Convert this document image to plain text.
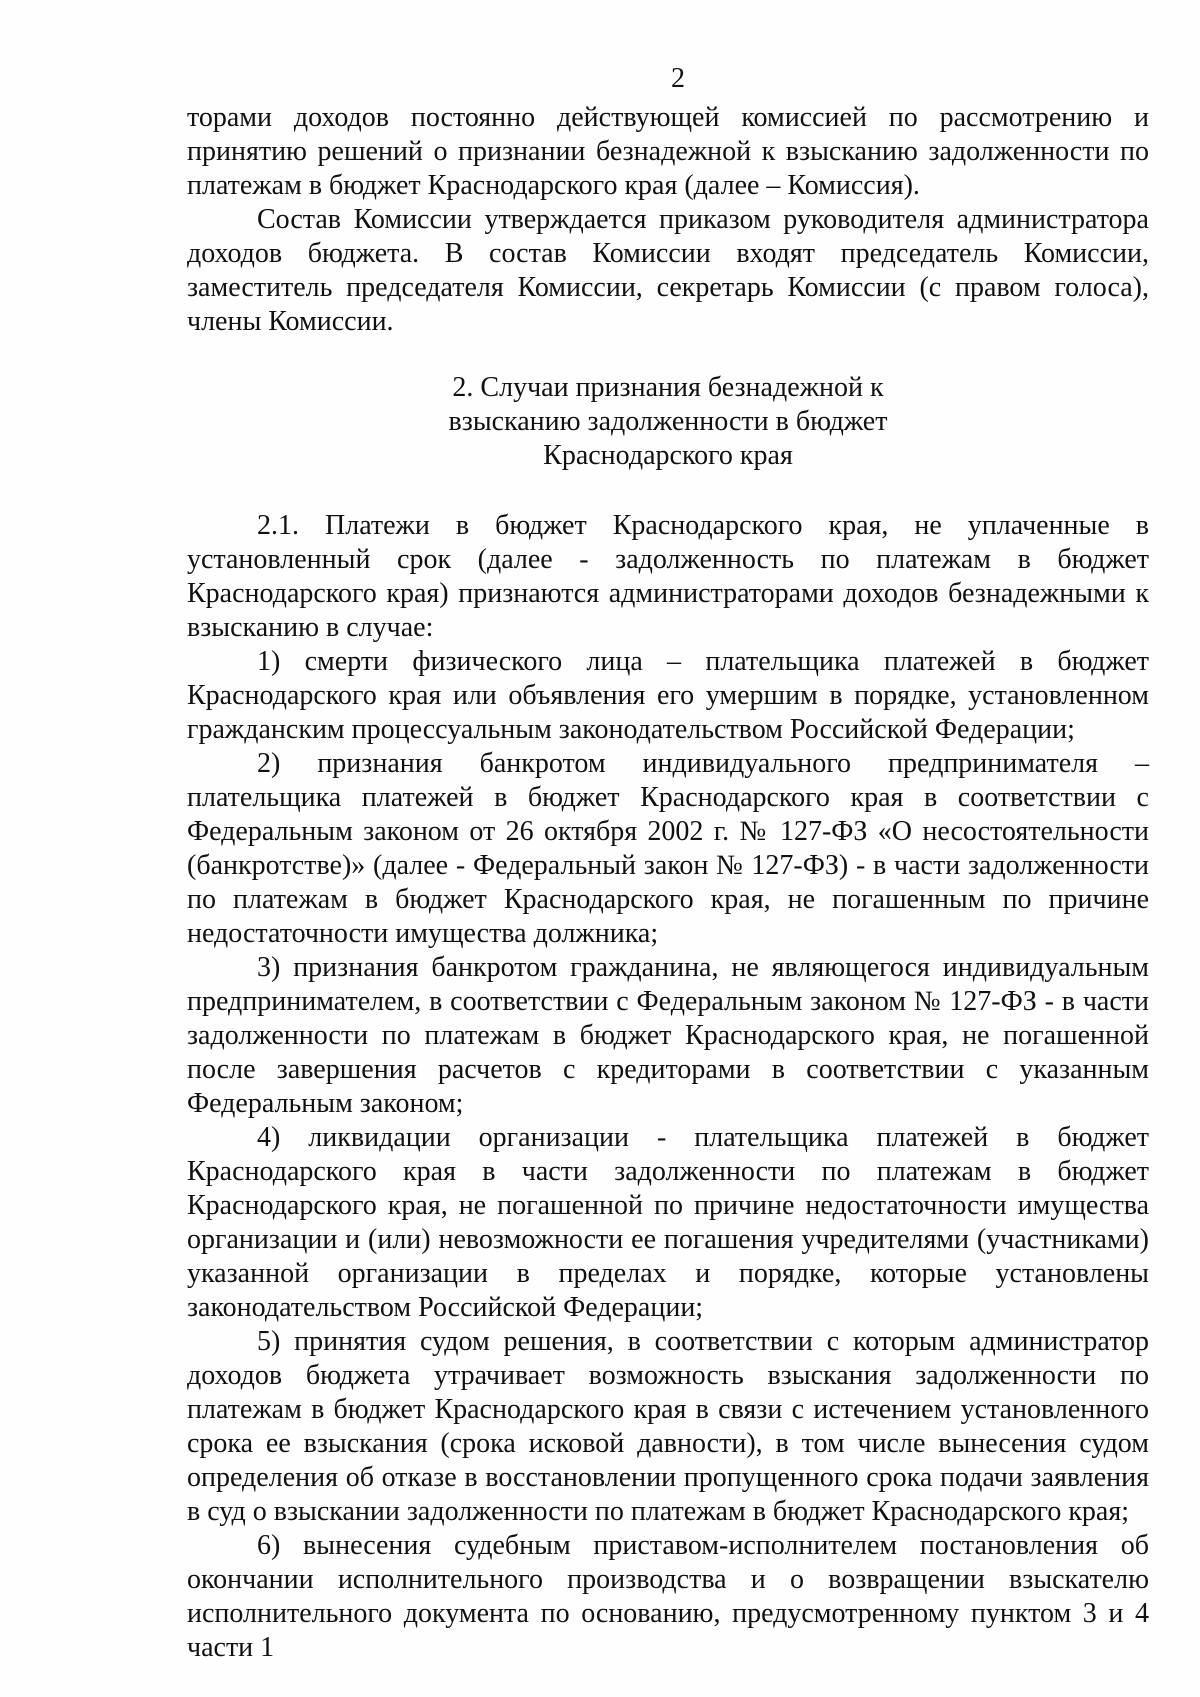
2

торами доходов постоянно действующей комиссией по рассмотрению и принятию решений о признании безнадежной к взысканию задолженности по платежам в бюджет Краснодарского края (далее – Комиссия).

Состав Комиссии утверждается приказом руководителя администратора доходов бюджета. В состав Комиссии входят председатель Комиссии, заместитель председателя Комиссии, секретарь Комиссии (с правом голоса), члены Комиссии.

2. Случаи признания безнадежной к

взысканию задолженности в бюджет

Краснодарского края

2.1. Платежи в бюджет Краснодарского края, не уплаченные в установленный срок (далее - задолженность по платежам в бюджет Краснодарского края) признаются администраторами доходов безнадежными к взысканию в случае:

1) смерти физического лица – плательщика платежей в бюджет Краснодарского края или объявления его умершим в порядке, установленном гражданским процессуальным законодательством Российской Федерации;

2) признания банкротом индивидуального предпринимателя – плательщика платежей в бюджет Краснодарского края в соответствии с Федеральным законом от 26 октября 2002 г. № 127-ФЗ «О несостоятельности (банкротстве)» (далее - Федеральный закон № 127-ФЗ) - в части задолженности по платежам в бюджет Краснодарского края, не погашенным по причине недостаточности имущества должника;

3) признания банкротом гражданина, не являющегося индивидуальным предпринимателем, в соответствии с Федеральным законом № 127-ФЗ - в части задолженности по платежам в бюджет Краснодарского края, не погашенной после завершения расчетов с кредиторами в соответствии с указанным Федеральным законом;

4) ликвидации организации - плательщика платежей в бюджет Краснодарского края в части задолженности по платежам в бюджет Краснодарского края, не погашенной по причине недостаточности имущества организации и (или) невозможности ее погашения учредителями (участниками) указанной организации в пределах и порядке, которые установлены законодательством Российской Федерации;

5) принятия судом решения, в соответствии с которым администратор доходов бюджета утрачивает возможность взыскания задолженности по платежам в бюджет Краснодарского края в связи с истечением установленного срока ее взыскания (срока исковой давности), в том числе вынесения судом определения об отказе в восстановлении пропущенного срока подачи заявления в суд о взыскании задолженности по платежам в бюджет Краснодарского края;

6) вынесения судебным приставом-исполнителем постановления об окончании исполнительного производства и о возвращении взыскателю исполнительного документа по основанию, предусмотренному пунктом 3 и 4 части 1
